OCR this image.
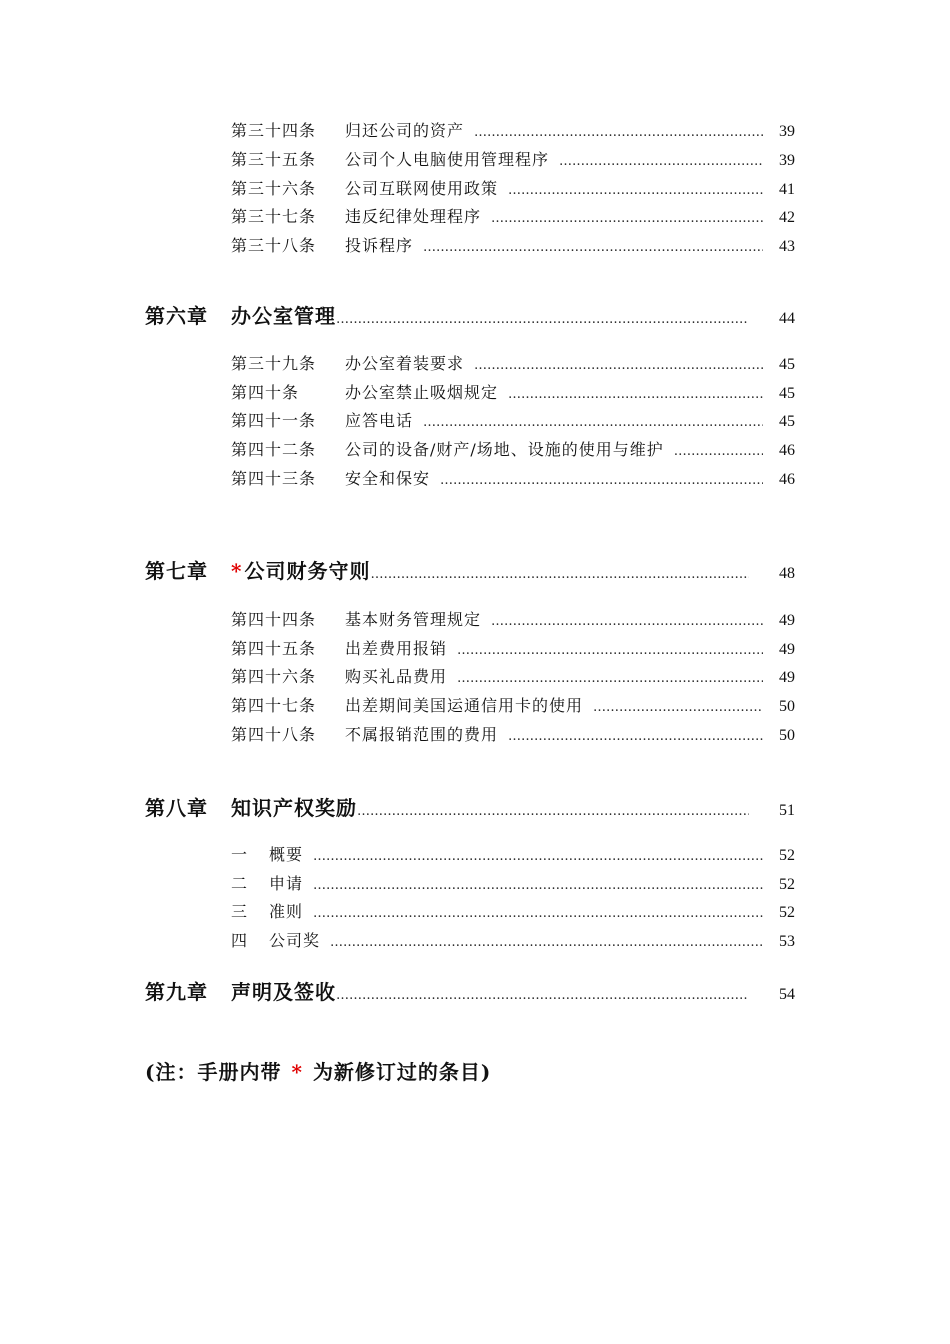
第三十四条	归还公司的资产 …………………………………………………………………………………………………………………………………………………………………	39
第三十五条	公司个人电脑使用管理程序 …………………………………………………………………………………………………………………………………………………………………	39
第三十六条	公司互联网使用政策 …………………………………………………………………………………………………………………………………………………………………	41
第三十七条	违反纪律处理程序 …………………………………………………………………………………………………………………………………………………………………	42
第三十八条	投诉程序 …………………………………………………………………………………………………………………………………………………………………	43
第六章	办公室管理 …………………………………………………………………………………………………………………………………………………………………	44
第三十九条	办公室着装要求 …………………………………………………………………………………………………………………………………………………………………	45
第四十条	办公室禁止吸烟规定 …………………………………………………………………………………………………………………………………………………………………	45
第四十一条	应答电话 …………………………………………………………………………………………………………………………………………………………………	45
第四十二条	公司的设备/财产/场地、设施的使用与维护 …………………………………………………………………………………………………………………………………………………………………	46
第四十三条	安全和保安 …………………………………………………………………………………………………………………………………………………………………	46
第七章	* 公司财务守则 …………………………………………………………………………………………………………………………………………………………………	48
第四十四条	基本财务管理规定 …………………………………………………………………………………………………………………………………………………………………	49
第四十五条	出差费用报销 …………………………………………………………………………………………………………………………………………………………………	49
第四十六条	购买礼品费用 …………………………………………………………………………………………………………………………………………………………………	49
第四十七条	出差期间美国运通信用卡的使用 …………………………………………………………………………………………………………………………………………………………………	50
第四十八条	不属报销范围的费用 …………………………………………………………………………………………………………………………………………………………………	50
第八章	知识产权奖励 …………………………………………………………………………………………………………………………………………………………………	51
一	概要 …………………………………………………………………………………………………………………………………………………………………	52
二	申请 …………………………………………………………………………………………………………………………………………………………………	52
三	准则 …………………………………………………………………………………………………………………………………………………………………	52
四	公司奖 …………………………………………………………………………………………………………………………………………………………………	53
第九章	声明及签收 …………………………………………………………………………………………………………………………………………………………………	54
(注：手册内带 * 为新修订过的条目)
